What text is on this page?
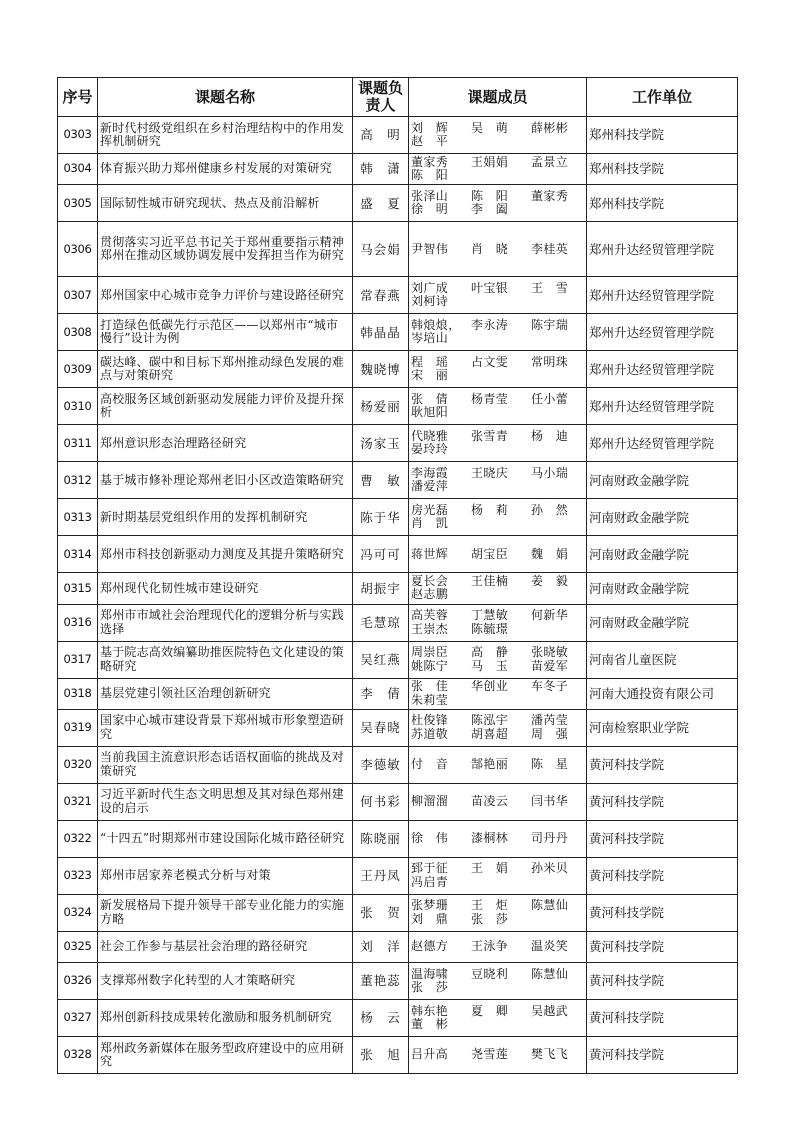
序号	课题名称	课题负责人	课题成员	工作单位
0303	新时代村级党组织在乡村治理结构中的作用发挥机制研究	高　明	刘　辉 吴　萌 薛彬彬
赵　平	郑州科技学院
0304	体育振兴助力郑州健康乡村发展的对策研究	韩　潇	董家秀 王娟娟 孟景立
陈　阳	郑州科技学院
0305	国际韧性城市研究现状、热点及前沿解析	盛　夏	张泽山 陈　阳 董家秀
徐　明 李　阖	郑州科技学院
0306	贯彻落实习近平总书记关于郑州重要指示精神郑州在推动区域协调发展中发挥担当作为研究	马会娟	尹智伟 肖　晓 李桂英	郑州升达经贸管理学院
0307	郑州国家中心城市竞争力评价与建设路径研究	常春燕	刘广成 叶宝银 王　雪
刘柯诗	郑州升达经贸管理学院
0308	打造绿色低碳先行示范区——以郑州市“城市慢行”设计为例	韩晶晶	韩烺烺， 李永涛 陈宇瑞
岑培山	郑州升达经贸管理学院
0309	碳达峰、碳中和目标下郑州推动绿色发展的难点与对策研究	魏晓博	程　瑶 占文雯 常明珠
宋　丽	郑州升达经贸管理学院
0310	高校服务区域创新驱动发展能力评价及提升探析	杨爱丽	张　倩 杨青莹 任小蕾
耿旭阳	郑州升达经贸管理学院
0311	郑州意识形态治理路径研究	汤家玉	代晓雅 张雪青 杨　迪
晏玲玲	郑州升达经贸管理学院
0312	基于城市修补理论郑州老旧小区改造策略研究	曹　敏	李海霞 王晓庆 马小瑞
潘爱萍	河南财政金融学院
0313	新时期基层党组织作用的发挥机制研究	陈于华	房光磊 杨　莉 孙　然
肖　凯	河南财政金融学院
0314	郑州市科技创新驱动力测度及其提升策略研究	冯可可	蒋世辉 胡宝臣 魏　娟	河南财政金融学院
0315	郑州现代化韧性城市建设研究	胡振宇	夏长会 王佳楠 姜　毅
赵志鹏	河南财政金融学院
0316	郑州市市域社会治理现代化的逻辑分析与实践选择	毛慧琼	高芙蓉 丁慧敏 何新华
王崇杰 陈毓璟	河南财政金融学院
0317	基于院志高效编纂助推医院特色文化建设的策略研究	吴红燕	周崇臣 高　静 张晓敏
姚陈宁 马　玉 苗爱军	河南省儿童医院
0318	基层党建引领社区治理创新研究	李　倩	张　佳 华创业 车冬子
朱莉莹	河南大通投资有限公司
0319	国家中心城市建设背景下郑州城市形象塑造研究	吴春晓	杜俊锋 陈泓宇 潘芮莹
苏道敬 胡喜超 周　强	河南检察职业学院
0320	当前我国主流意识形态话语权面临的挑战及对策研究	李德敏	付　音 郜艳丽 陈　星	黄河科技学院
0321	习近平新时代生态文明思想及其对绿色郑州建设的启示	何书彩	柳溜溜 苗凌云 闫书华	黄河科技学院
0322	“十四五”时期郑州市建设国际化城市路径研究	陈晓丽	徐　伟 漆桐林 司丹丹	黄河科技学院
0323	郑州市居家养老模式分析与对策	王丹凤	郅于征 王　娟 孙米贝
冯启青	黄河科技学院
0324	新发展格局下提升领导干部专业化能力的实施方略	张　贺	张梦珊 王　炬 陈慧仙
刘　鼎 张　莎	黄河科技学院
0325	社会工作参与基层社会治理的路径研究	刘　洋	赵德方 王泳争 温炎笑	黄河科技学院
0326	支撑郑州数字化转型的人才策略研究	董艳蕊	温海啸 豆晓利 陈慧仙
张　莎	黄河科技学院
0327	郑州创新科技成果转化激励和服务机制研究	杨　云	韩东艳 夏　卿 吴越武
董　彬	黄河科技学院
0328	郑州政务新媒体在服务型政府建设中的应用研究	张　旭	吕升高 尧雪莲 樊飞飞	黄河科技学院
